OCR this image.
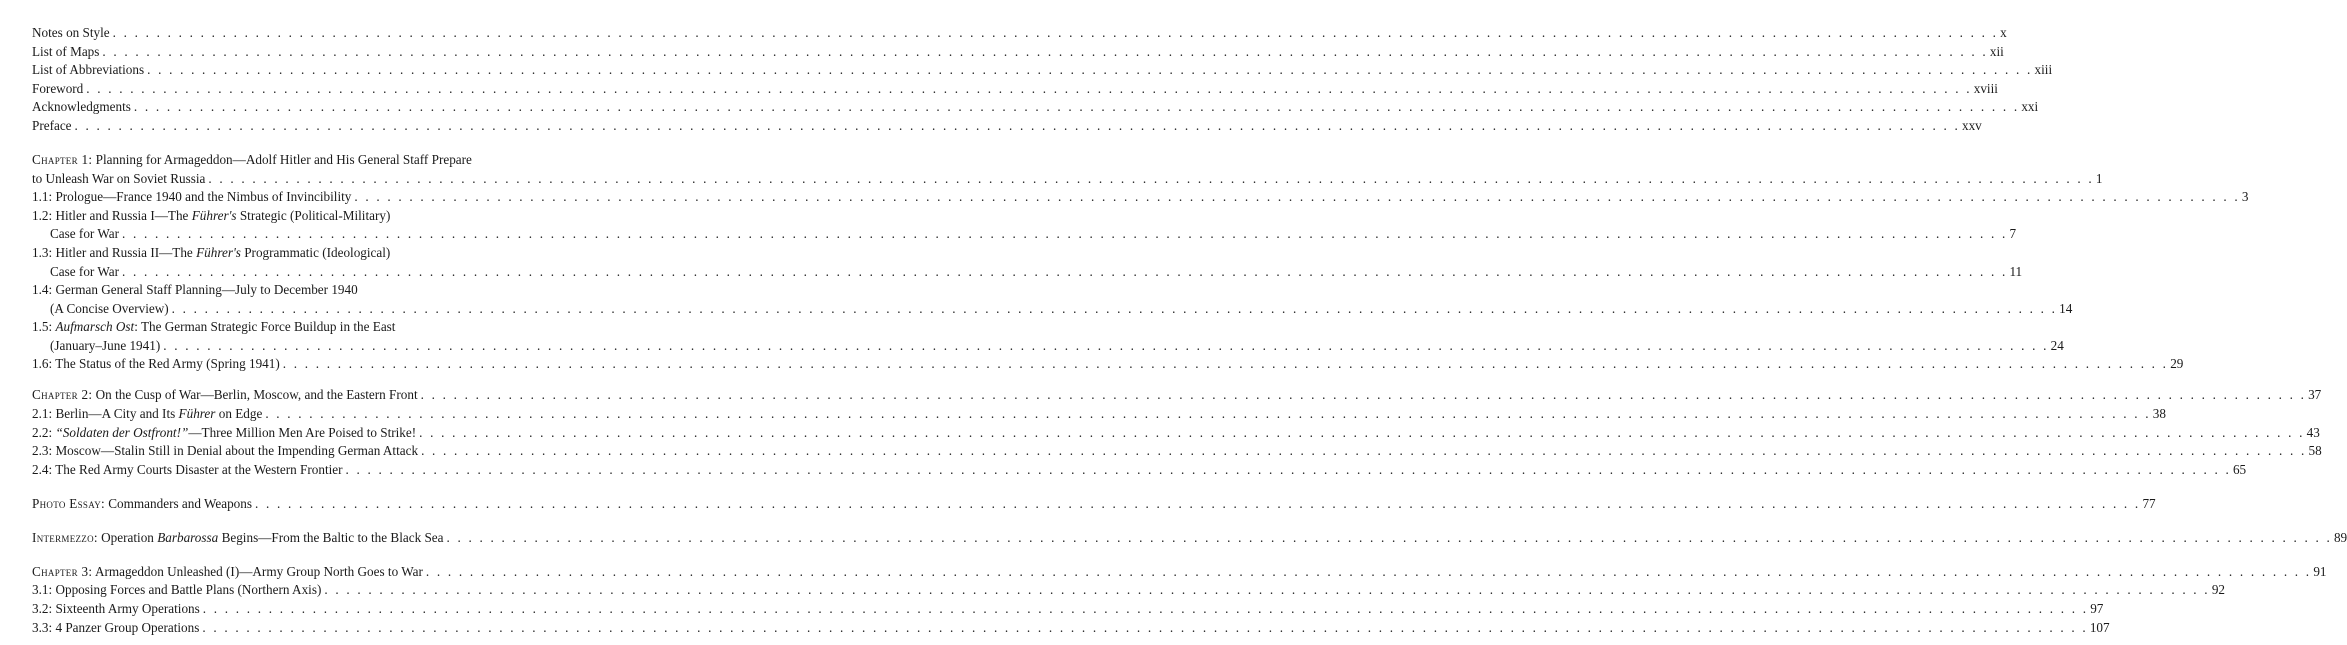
Notes on Style . . .	x
List of Maps . . .	xii
List of Abbreviations . . .	xiii
Foreword . . .	xviii
Acknowledgments . . .	xxi
Preface . . .	xxv
Chapter 1: Planning for Armageddon—Adolf Hitler and His General Staff Prepare
to Unleash War on Soviet Russia . . .	1
1.1: Prologue—France 1940 and the Nimbus of Invincibility . . .	3
1.2: Hitler and Russia I—The Führer's Strategic (Political-Military)
Case for War . . .	7
1.3: Hitler and Russia II—The Führer's Programmatic (Ideological)
Case for War . . .	11
1.4: German General Staff Planning—July to December 1940
(A Concise Overview) . . .	14
1.5: Aufmarsch Ost: The German Strategic Force Buildup in the East
(January–June 1941) . . .	24
1.6: The Status of the Red Army (Spring 1941) . . .	29
Chapter 2: On the Cusp of War—Berlin, Moscow, and the Eastern Front . . .	37
2.1: Berlin—A City and Its Führer on Edge . . .	38
2.2: “Soldaten der Ostfront!”—Three Million Men Are Poised to Strike! . . .	43
2.3: Moscow—Stalin Still in Denial about the Impending German Attack . . .	58
2.4: The Red Army Courts Disaster at the Western Frontier . . .	65
Photo Essay: Commanders and Weapons . . .	77
Intermezzo: Operation Barbarossa Begins—From the Baltic to the Black Sea . . .	89
Chapter 3: Armageddon Unleashed (I)—Army Group North Goes to War . . .	91
3.1: Opposing Forces and Battle Plans (Northern Axis) . . .	92
3.2: Sixteenth Army Operations . . .	97
3.3: 4 Panzer Group Operations . . .	107
